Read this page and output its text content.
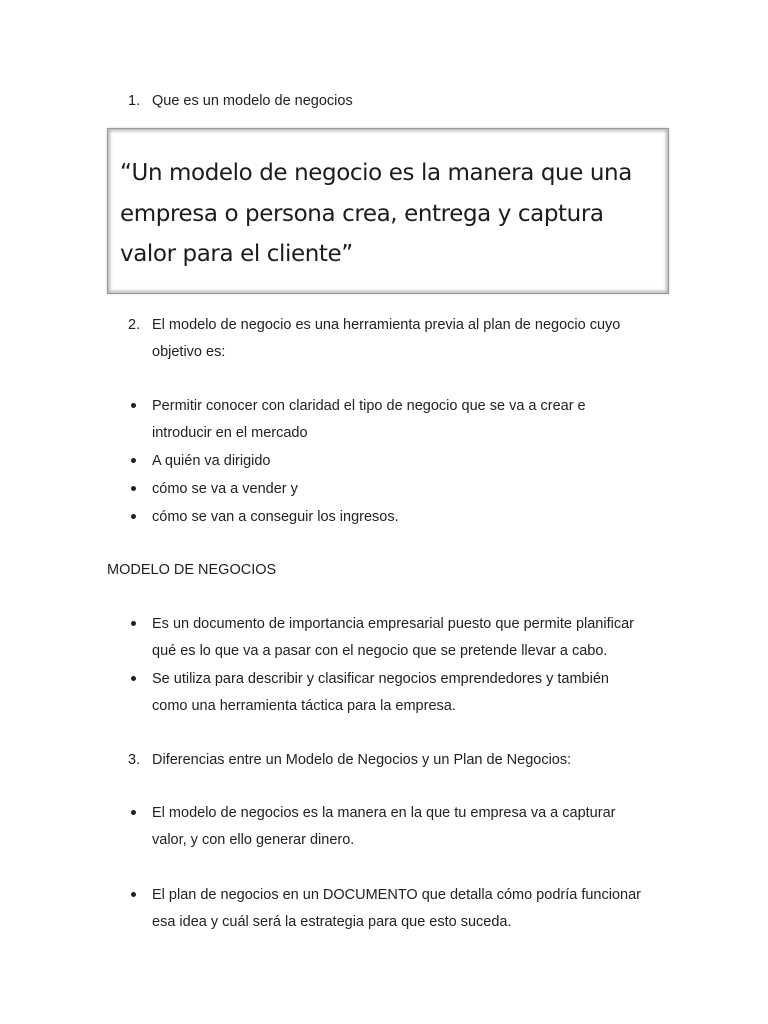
1. Que es un modelo de negocios
“Un modelo de negocio es la manera que una
empresa o persona crea, entrega y captura
valor para el cliente”
2. El modelo de negocio es una herramienta previa al plan de negocio cuyo
objetivo es:
Permitir conocer con claridad el tipo de negocio que se va a crear e
introducir en el mercado
A quién va dirigido
cómo se va a vender y
cómo se van a conseguir los ingresos.
MODELO DE NEGOCIOS
Es un documento de importancia empresarial puesto que permite planificar
qué es lo que va a pasar con el negocio que se pretende llevar a cabo.
Se utiliza para describir y clasificar negocios emprendedores y también
como una herramienta táctica para la empresa.
3. Diferencias entre un Modelo de Negocios y un Plan de Negocios:
El modelo de negocios es la manera en la que tu empresa va a capturar
valor, y con ello generar dinero.
El plan de negocios en un DOCUMENTO que detalla cómo podría funcionar
esa idea y cuál será la estrategia para que esto suceda.
